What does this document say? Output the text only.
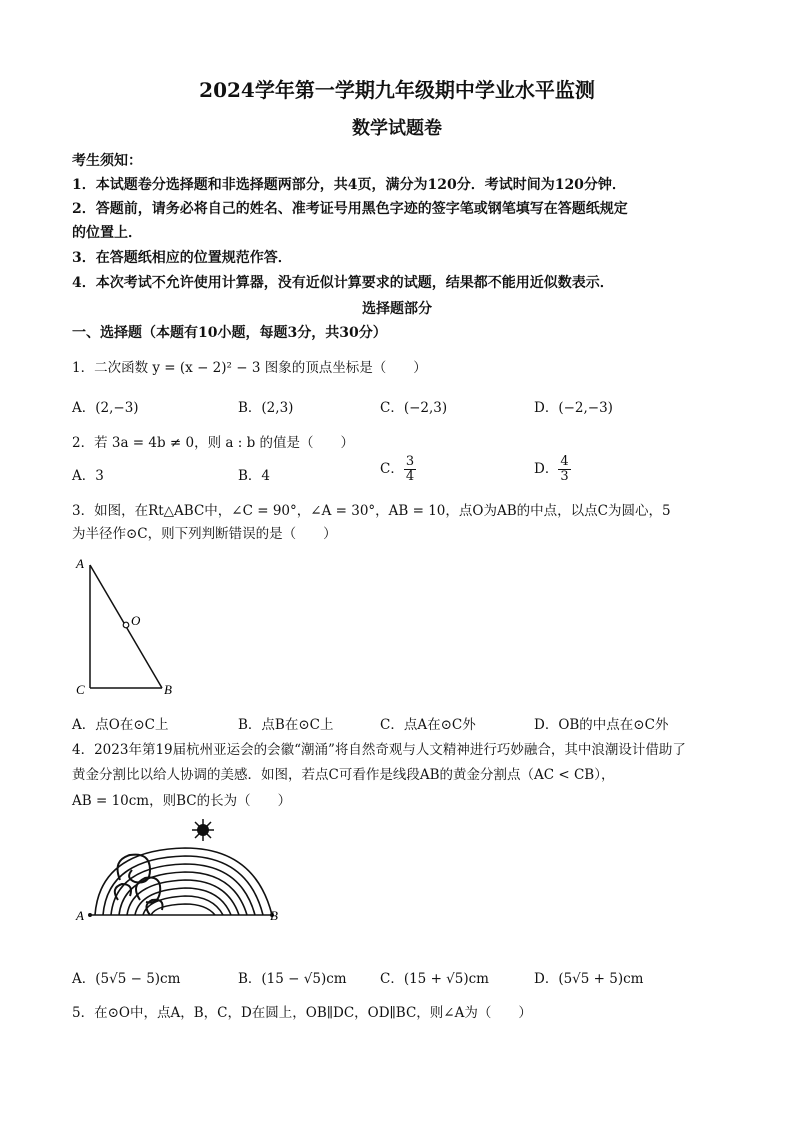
2024学年第一学期九年级期中学业水平监测
数学试题卷
考生须知：
1．本试题卷分选择题和非选择题两部分，共4页，满分为120分．考试时间为120分钟．
2．答题前，请务必将自己的姓名、准考证号用黑色字迹的签字笔或钢笔填写在答题纸规定
的位置上．
3．在答题纸相应的位置规范作答．
4．本次考试不允许使用计算器，没有近似计算要求的试题，结果都不能用近似数表示．
选择题部分
一、选择题（本题有10小题，每题3分，共30分）
1．二次函数 y = (x − 2)² − 3 图象的顶点坐标是（　　）
A．(2,−3)	B．(2,3)	C．(−2,3)	D．(−2,−3)
2．若 3a = 4b ≠ 0，则 a : b 的值是（　　）
A．3	B．4	C． $\frac{3}{4}$	D． $\frac{4}{3}$
3．如图，在Rt△ABC中，∠C = 90°，∠A = 30°，AB = 10，点O为AB的中点，以点C为圆心，5
为半径作⊙C，则下列判断错误的是（　　）
A
O
C	B
A．点O在⊙C上	B．点B在⊙C上	C．点A在⊙C外	D．OB的中点在⊙C外
4．2023年第19届杭州亚运会的会徽“潮涌”将自然奇观与人文精神进行巧妙融合，其中浪潮设计借助了
黄金分割比以给人协调的美感．如图，若点C可看作是线段AB的黄金分割点（AC < CB），
AB = 10cm，则BC的长为（　　）
A	B
A．(5√5 − 5)cm	B．(15 − √5)cm C．(15 + √5)cm	D．(5√5 + 5)cm
5．在⊙O中，点A，B，C，D在圆上，OB∥DC，OD∥BC，则∠A为（　　）
